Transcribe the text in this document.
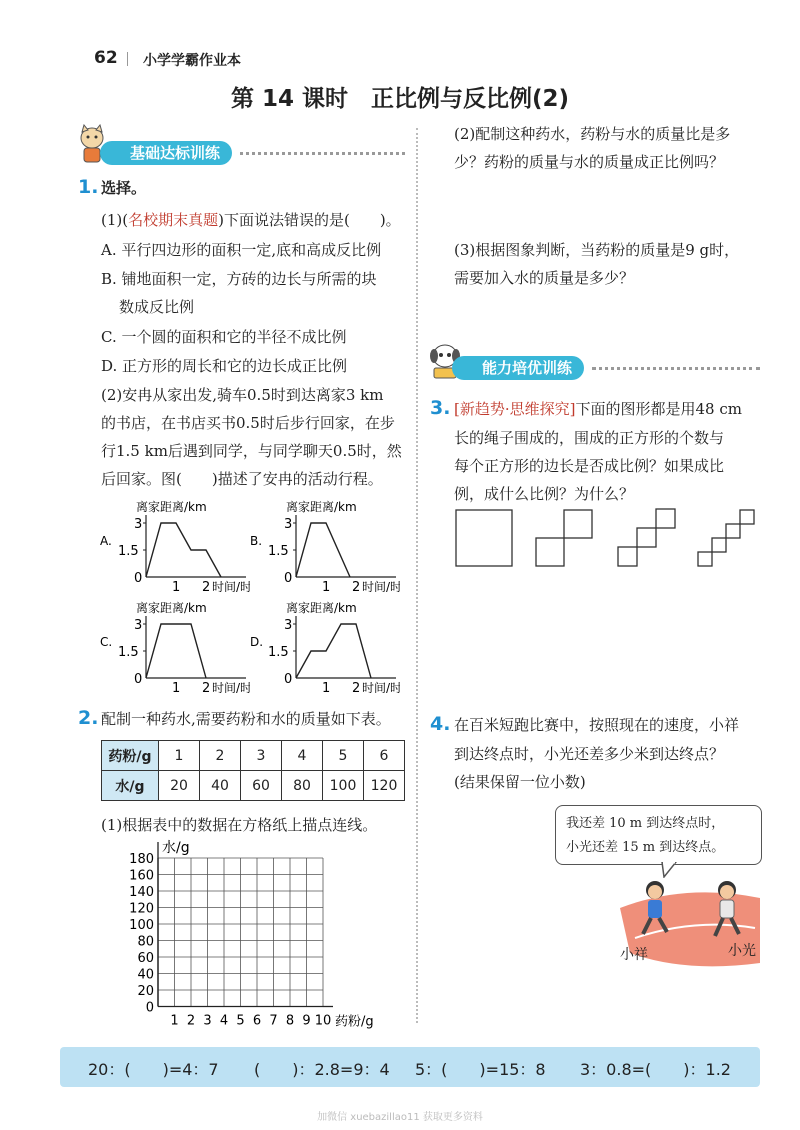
62 小学学霸作业本
第 14 课时　正比例与反比例(2)
基础达标训练
1. 选择。
(1)(名校期末真题)下面说法错误的是(　　)。
A. 平行四边形的面积一定,底和高成反比例
B. 铺地面积一定，方砖的边长与所需的块
数成反比例
C. 一个圆的面积和它的半径不成比例
D. 正方形的周长和它的边长成正比例
(2)安冉从家出发,骑车0.5时到达离家3 km
的书店，在书店买书0.5时后步行回家，在步
行1.5 km后遇到同学，与同学聊天0.5时，然
后回家。图(　　)描述了安冉的活动行程。
离家距离/km
A.
3
1.5
0
1 2 时间/时
离家距离/km
B.
3
1.5
0
1 2 时间/时
离家距离/km
C.
3
1.5
0
1 2 时间/时
离家距离/km
D.
3
1.5
0
1 2 时间/时
2. 配制一种药水,需要药粉和水的质量如下表。
药粉/g	1	2	3	4	5	6
水/g	20	40	60	80	100	120
(1)根据表中的数据在方格纸上描点连线。
水/g
180
160
140
120
100
80
60
40
20
0
1 2 3 4 5 6 7 8 9 10 药粉/g
(2)配制这种药水，药粉与水的质量比是多
少？药粉的质量与水的质量成正比例吗？
(3)根据图象判断，当药粉的质量是9 g时，
需要加入水的质量是多少？
能力培优训练
3. [新趋势·思维探究]下面的图形都是用48 cm
长的绳子围成的，围成的正方形的个数与
每个正方形的边长是否成比例？如果成比
例，成什么比例？为什么？
4. 在百米短跑比赛中，按照现在的速度，小祥
到达终点时，小光还差多少米到达终点？
(结果保留一位小数)
我还差 10 m 到达终点时，
小光还差 15 m 到达终点。
小祥	小光
20：(　　)=4：7 (　　)：2.8=9：4 5：(　　)=15：8 3：0.8=(　　)：1.2
加微信 xuebazillao11 获取更多资料
